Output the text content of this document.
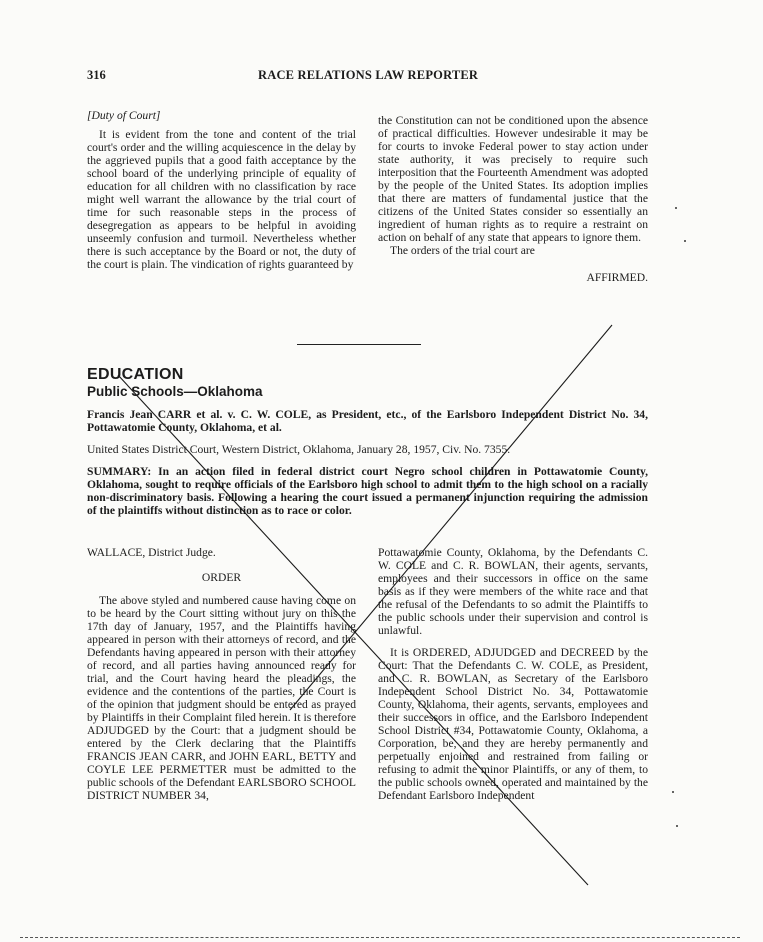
316	RACE RELATIONS LAW REPORTER
[Duty of Court]

It is evident from the tone and content of the trial court's order and the willing acquiescence in the delay by the aggrieved pupils that a good faith acceptance by the school board of the underlying principle of equality of education for all children with no classification by race might well warrant the allowance by the trial court of time for such reasonable steps in the process of desegregation as appears to be helpful in avoiding unseemly confusion and turmoil. Nevertheless whether there is such acceptance by the Board or not, the duty of the court is plain. The vindication of rights guaranteed by

the Constitution can not be conditioned upon the absence of practical difficulties. However undesirable it may be for courts to invoke Federal power to stay action under state authority, it was precisely to require such interposition that the Fourteenth Amendment was adopted by the people of the United States. Its adoption implies that there are matters of fundamental justice that the citizens of the United States consider so essentially an ingredient of human rights as to require a restraint on action on behalf of any state that appears to ignore them.

The orders of the trial court are

AFFIRMED.
EDUCATION
Public Schools—Oklahoma
Francis Jean CARR et al. v. C. W. COLE, as President, etc., of the Earlsboro Independent District No. 34, Pottawatomie County, Oklahoma, et al.
United States District Court, Western District, Oklahoma, January 28, 1957, Civ. No. 7355.
SUMMARY: In an action filed in federal district court Negro school children in Pottawatomie County, Oklahoma, sought to require officials of the Earlsboro high school to admit them to the high school on a racially non-discriminatory basis. Following a hearing the court issued a permanent injunction requiring the admission of the plaintiffs without distinction as to race or color.
WALLACE, District Judge.
ORDER

The above styled and numbered cause having come on to be heard by the Court sitting without jury on this the 17th day of January, 1957, and the Plaintiffs having appeared in person with their attorneys of record, and the Defendants having appeared in person with their attorney of record, and all parties having announced ready for trial, and the Court having heard the pleadings, the evidence and the contentions of the parties, the Court is of the opinion that judgment should be entered as prayed by Plaintiffs in their Complaint filed herein. It is therefore ADJUDGED by the Court: that a judgment should be entered by the Clerk declaring that the Plaintiffs FRANCIS JEAN CARR, and JOHN EARL, BETTY and COYLE LEE PERMETTER must be admitted to the public schools of the Defendant EARLSBORO SCHOOL DISTRICT NUMBER 34,

Pottawatomie County, Oklahoma, by the Defendants C. W. COLE and C. R. BOWLAN, their agents, servants, employees and their successors in office on the same basis as if they were members of the white race and that the refusal of the Defendants to so admit the Plaintiffs to the public schools under their supervision and control is unlawful.

It is ORDERED, ADJUDGED and DECREED by the Court: That the Defendants C. W. COLE, as President, and C. R. BOWLAN, as Secretary of the Earlsboro Independent School District No. 34, Pottawatomie County, Oklahoma, their agents, servants, employees and their successors in office, and the Earlsboro Independent School District #34, Pottawatomie County, Oklahoma, a Corporation, be, and they are hereby permanently and perpetually enjoined and restrained from failing or refusing to admit the minor Plaintiffs, or any of them, to the public schools owned, operated and maintained by the Defendant Earlsboro Independent
